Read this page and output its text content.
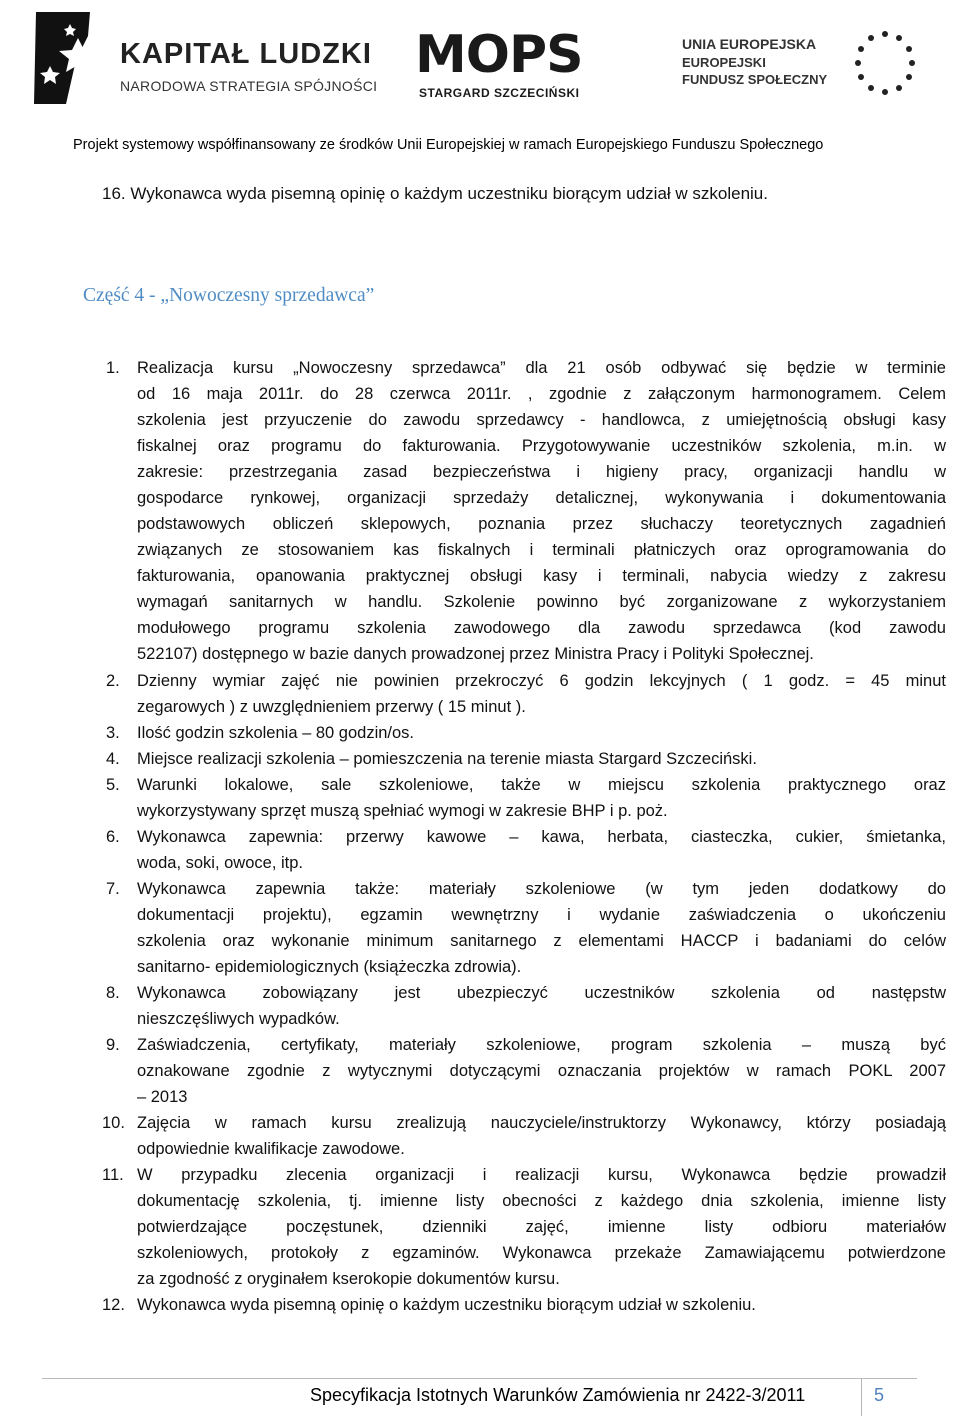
KAPITAŁ LUDZKI
NARODOWA STRATEGIA SPÓJNOŚCI
MOPS
STARGARD SZCZECIŃSKI
UNIA EUROPEJSKA
EUROPEJSKI
FUNDUSZ SPOŁECZNY
Projekt systemowy współfinansowany ze środków Unii Europejskiej w ramach Europejskiego Funduszu Społecznego
16. Wykonawca wyda pisemną opinię o każdym uczestniku biorącym udział w szkoleniu.
Część 4 - „Nowoczesny sprzedawca”
1. Realizacja kursu „Nowoczesny sprzedawca” dla 21 osób odbywać się będzie w terminie
od 16 maja 2011r. do 28 czerwca 2011r. , zgodnie z załączonym harmonogramem. Celem
szkolenia jest przyuczenie do zawodu sprzedawcy - handlowca, z umiejętnością obsługi kasy
fiskalnej oraz programu do fakturowania. Przygotowywanie uczestników szkolenia, m.in. w
zakresie: przestrzegania zasad bezpieczeństwa i higieny pracy, organizacji handlu w
gospodarce rynkowej, organizacji sprzedaży detalicznej, wykonywania i dokumentowania
podstawowych obliczeń sklepowych, poznania przez słuchaczy teoretycznych zagadnień
związanych ze stosowaniem kas fiskalnych i terminali płatniczych oraz oprogramowania do
fakturowania, opanowania praktycznej obsługi kasy i terminali, nabycia wiedzy z zakresu
wymagań sanitarnych w handlu. Szkolenie powinno być zorganizowane z wykorzystaniem
modułowego programu szkolenia zawodowego dla zawodu sprzedawca (kod zawodu
522107) dostępnego w bazie danych prowadzonej przez Ministra Pracy i Polityki Społecznej.
2. Dzienny wymiar zajęć nie powinien przekroczyć 6 godzin lekcyjnych ( 1 godz. = 45 minut
zegarowych ) z uwzględnieniem przerwy ( 15 minut ).
3. Ilość godzin szkolenia – 80 godzin/os.
4. Miejsce realizacji szkolenia – pomieszczenia na terenie miasta Stargard Szczeciński.
5. Warunki lokalowe, sale szkoleniowe, także w miejscu szkolenia praktycznego oraz
wykorzystywany sprzęt muszą spełniać wymogi w zakresie BHP i p. poż.
6. Wykonawca zapewnia: przerwy kawowe – kawa, herbata, ciasteczka, cukier, śmietanka,
woda, soki, owoce, itp.
7. Wykonawca zapewnia także: materiały szkoleniowe (w tym jeden dodatkowy do
dokumentacji projektu), egzamin wewnętrzny i wydanie zaświadczenia o ukończeniu
szkolenia oraz wykonanie minimum sanitarnego z elementami HACCP i badaniami do celów
sanitarno- epidemiologicznych (książeczka zdrowia).
8. Wykonawca zobowiązany jest ubezpieczyć uczestników szkolenia od następstw
nieszczęśliwych wypadków.
9. Zaświadczenia, certyfikaty, materiały szkoleniowe, program szkolenia – muszą być
oznakowane zgodnie z wytycznymi dotyczącymi oznaczania projektów w ramach POKL 2007
– 2013
10. Zajęcia w ramach kursu zrealizują nauczyciele/instruktorzy Wykonawcy, którzy posiadają
odpowiednie kwalifikacje zawodowe.
11. W przypadku zlecenia organizacji i realizacji kursu, Wykonawca będzie prowadził
dokumentację szkolenia, tj. imienne listy obecności z każdego dnia szkolenia, imienne listy
potwierdzające poczęstunek, dzienniki zajęć, imienne listy odbioru materiałów
szkoleniowych, protokoły z egzaminów. Wykonawca przekaże Zamawiającemu potwierdzone
za zgodność z oryginałem kserokopie dokumentów kursu.
12. Wykonawca wyda pisemną opinię o każdym uczestniku biorącym udział w szkoleniu.
Specyfikacja Istotnych Warunków Zamówienia nr 2422-3/2011	5
